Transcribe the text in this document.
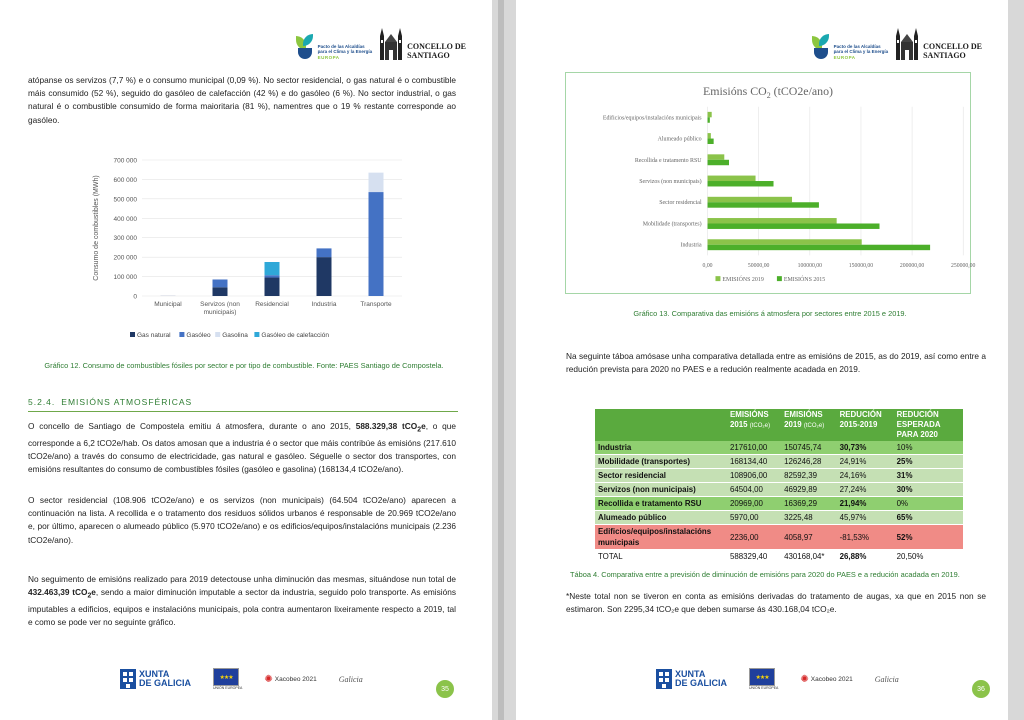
Pacto de las Alcaldías
para el Clima y la Energía
EUROPA
CONCELLO DE
SANTIAGO

atópanse os servizos (7,7 %) e o consumo municipal (0,09 %). No sector residencial, o gas natural é o combustible máis consumido (52 %), seguido do gasóleo de calefacción (42 %) e do gasóleo (6 %). No sector industrial, o gas natural é o combustible consumido de forma maioritaria (81 %), namentres que o 19 % restante corresponde ao gasóleo.

0
100 000
200 000
300 000
400 000
500 000
600 000
700 000
Consumo de combustibles (MWh)
Municipal	Servizos (non
municipais)
Residencial	Industria	Transporte
Gas natural Gasóleo Gasolina Gasóleo de calefacción

Gráfico 12. Consumo de combustibles fósiles por sector e por tipo de combustible. Fonte: PAES Santiago de Compostela.

5.2.4. EMISIÓNS ATMOSFÉRICAS

O concello de Santiago de Compostela emitiu á atmosfera, durante o ano 2015, 588.329,38 tCO$_2$e, o que corresponde a 6,2 tCO2e/hab. Os datos amosan que a industria é o sector que máis contribúe ás emisións (217.610 tCO2e/ano) a través do consumo de electricidade, gas natural e gasóleo. Séguelle o sector dos transportes, con emisións resultantes do consumo de combustibles fósiles (gasóleo e gasolina) (168134,4 tCO2e/ano).

O sector residencial (108.906 tCO2e/ano) e os servizos (non municipais) (64.504 tCO2e/ano) aparecen a continuación na lista. A recollida e o tratamento dos residuos sólidos urbanos é responsable de 20.969 tCO2e/ano e, por último, aparecen o alumeado público (5.970 tCO2e/ano) e os edificios/equipos/instalacións municipais (2.236 tCO2e/ano).

No seguimento de emisións realizado para 2019 detectouse unha diminución das mesmas, situándose nun total de 432.463,39 tCO$_2$e, sendo a maior diminución imputable a sector da industria, seguido polo transporte. As emisións imputables a edificios, equipos e instalacións municipais, pola contra aumentaron lixeiramente respecto a 2019, tal e como se pode ver no seguinte gráfico.

XUNTA
DE GALICIA
★★★
UNIÓN EUROPEA
✺ Xacobeo 2021	Galicia
35
Pacto de las Alcaldías
para el Clima y la Energía
EUROPA
CONCELLO DE
SANTIAGO
Emisións $CO_2$ (tCO2e/ano)
0,00	50000,00	100000,00	150000,00	200000,00	250000,00
Edificios/equipos/instalacións municipais
Alumeado público
Recollida e tratamento RSU
Servizos (non municipais)
Sector residencial
Mobilidade (transportes)
Industria
EMISIÓNS 2019	EMISIÓNS 2015

Gráfico 13. Comparativa das emisións á atmosfera por sectores entre 2015 e 2019.

Na seguinte táboa amósase unha comparativa detallada entre as emisións de 2015, as do 2019, así como entre a redución prevista para 2020 no PAES e a redución realmente acadada en 2019.

	EMISIÓNS 2015 (tCO₂e)	EMISIÓNS 2019 (tCO₂e)	REDUCIÓN 2015-2019	REDUCIÓN ESPERADA PARA 2020
Industria	217610,00	150745,74	30,73%	10%
Mobilidade (transportes)	168134,40	126246,28	24,91%	25%
Sector residencial	108906,00	82592,39	24,16%	31%
Servizos (non municipais)	64504,00	46929,89	27,24%	30%
Recollida e tratamento RSU	20969,00	16369,29	21,94%	0%
Alumeado público	5970,00	3225,48	45,97%	65%
Edificios/equipos/instalacións municipais	2236,00	4058,97	-81,53%	52%
TOTAL	588329,40	430168,04*	26,88%	20,50%

Táboa 4. Comparativa entre a previsión de diminución de emisións para 2020 do PAES e a redución acadada en 2019.

*Neste total non se tiveron en conta as emisións derivadas do tratamento de augas, xa que en 2015 non se estimaron. Son 2295,34 tCO₂e que deben sumarse ás 430.168,04 tCO₂e.

XUNTA
DE GALICIA
★★★
UNIÓN EUROPEA
✺ Xacobeo 2021	Galicia
36
